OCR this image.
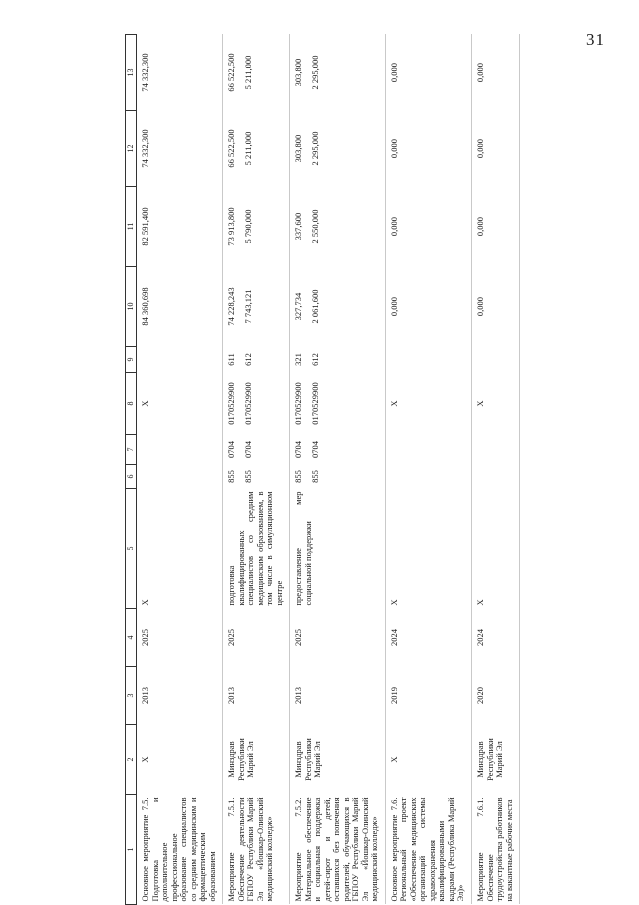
31
1	2	3	4	5	6	7	8	9	10	11	12	13
Основное мероприятие 7.5. Подготовка и дополнительное профессиональное образование специалистов со средним медицинским и фармацевтическим образованием	X	2013	2025	X			X		84 360,698	82 591,400	74 332,300	74 332,300

Мероприятие 7.5.1. Обеспечение деятельности ГБПОУ Республики Марий Эл «Йошкар-Олинский медицинский колледж»	Минздрав Республики Марий Эл	2013	2025	подготовка квалифицированных специалистов со средним медицинским образованием, в том числе в симуляционном центре	855 855	0704 0704	0170529900 0170529900	611 612	74 228,243 7 743,121	73 913,800 5 790,000	66 522,500 5 211,000	66 522,500 5 211,000

Мероприятие 7.5.2. Материальное обеспечение и социальная поддержка детей-сирот и детей, оставшихся без попечения родителей, обучающихся в ГБПОУ Республики Марий Эл «Йошкар-Олинский медицинский колледж»	Минздрав Республики Марий Эл	2013	2025	предоставление мер социальной поддержки	855 855	0704 0704	0170529900 0170529900	321 612	327,734 2 061,600	337,600 2 550,000	303,800 2 295,000	303,800 2 295,000

Основное мероприятие 7.6. Региональный проект «Обеспечение медицинских организаций системы здравоохранения квалифицированными кадрами (Республика Марий Эл)»	X	2019	2024	X			X		0,000	0,000	0,000	0,000

Мероприятие 7.6.1. Обеспечение трудоустройства работников на вакантные рабочие места	Минздрав Республики Марий Эл	2020	2024	X			X		0,000	0,000	0,000	0,000
